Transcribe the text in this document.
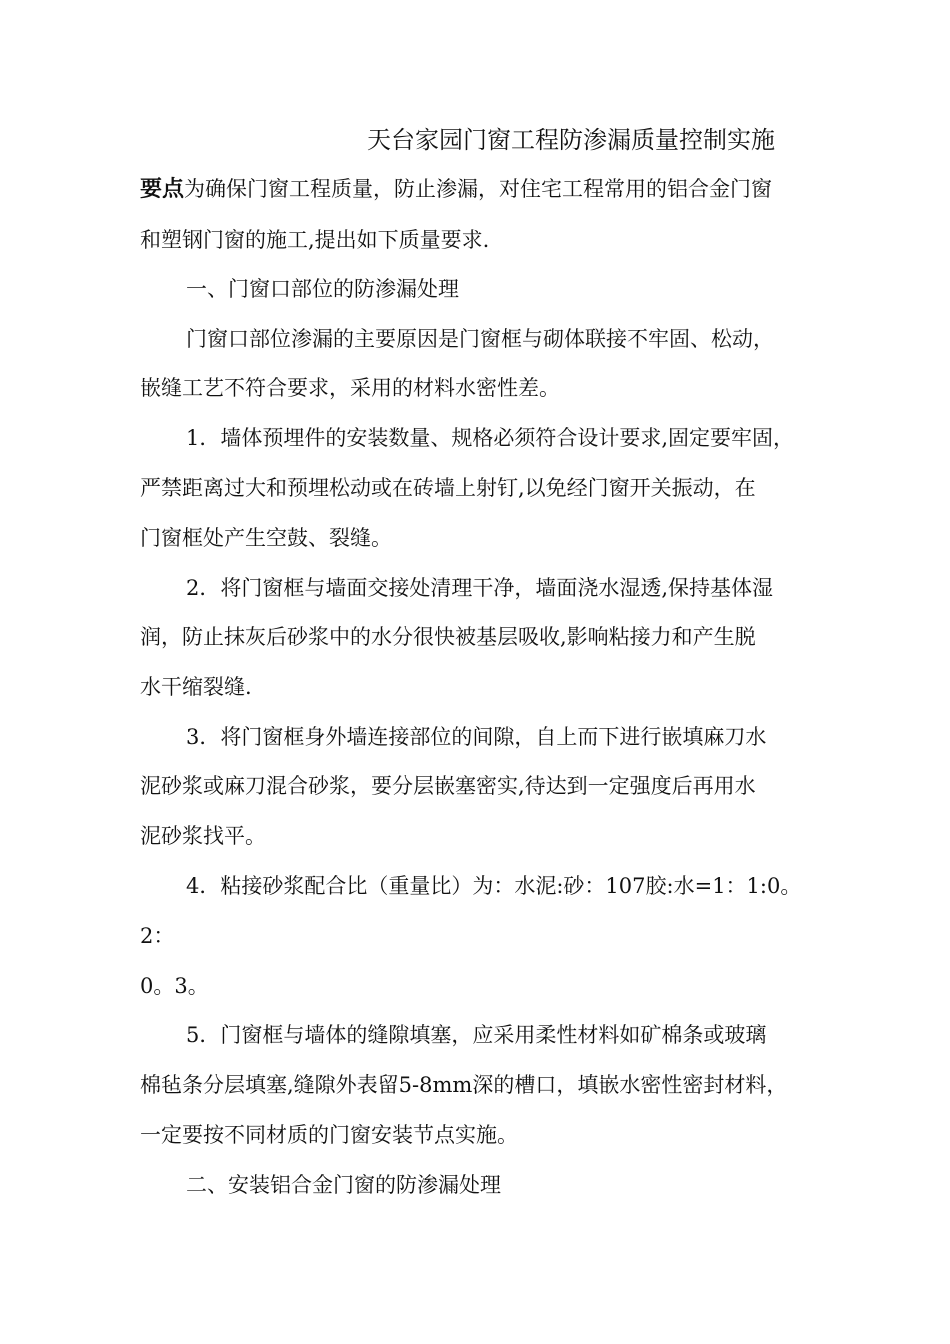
天台家园门窗工程防渗漏质量控制实施
要点为确保门窗工程质量，防止渗漏，对住宅工程常用的铝合金门窗
和塑钢门窗的施工,提出如下质量要求.
一、门窗口部位的防渗漏处理
门窗口部位渗漏的主要原因是门窗框与砌体联接不牢固、松动，
嵌缝工艺不符合要求，采用的材料水密性差。
1．墙体预埋件的安装数量、规格必须符合设计要求,固定要牢固，
严禁距离过大和预埋松动或在砖墙上射钉,以免经门窗开关振动，在
门窗框处产生空鼓、裂缝。
2．将门窗框与墙面交接处清理干净，墙面浇水湿透,保持基体湿
润，防止抹灰后砂浆中的水分很快被基层吸收,影响粘接力和产生脱
水干缩裂缝.
3．将门窗框身外墙连接部位的间隙，自上而下进行嵌填麻刀水
泥砂浆或麻刀混合砂浆，要分层嵌塞密实,待达到一定强度后再用水
泥砂浆找平。
4．粘接砂浆配合比（重量比）为：水泥:砂：107胶:水=1：1:0。
2：
0。3。
5．门窗框与墙体的缝隙填塞，应采用柔性材料如矿棉条或玻璃
棉毡条分层填塞,缝隙外表留5-8mm深的槽口，填嵌水密性密封材料，
一定要按不同材质的门窗安装节点实施。
二、安装铝合金门窗的防渗漏处理
